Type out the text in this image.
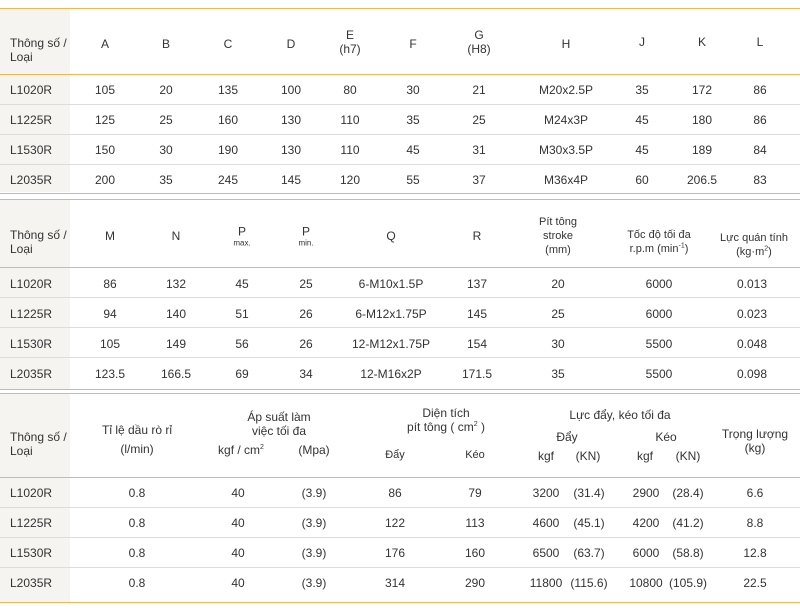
Thông số /
Loại
A	B	C	D
E
(h7)	F
G
(H8)	H	J	K	L
L1020R	105	20	135	100	80	30	21	M20x2.5P	35	172	86
L1225R	125	25	160	130	110	35	25	M24x3P	45	180	86
L1530R	150	30	190	130	110	45	31	M30x3.5P	45	189	84
L2035R	200	35	245	145	120	55	37	M36x4P	60	206.5	83
Thông số /
Loại
M	N	P
max.
P
min.	Q	R
Pít tông
stroke
(mm)
Tốc độ tối đa
r.p.m $(\min^{-1})$
Lực quán tính
$(kg\cdot m^2)$
L1020R	86	132	45	25	6-M10x1.5P	137	20	6000	0.013
L1225R	94	140	51	26	6-M12x1.75P	145	25	6000	0.023
L1530R	105	149	56	26	12-M12x1.75P	154	30	5500	0.048
L2035R	123.5	166.5	69	34	12-M16x2P	171.5	35	5500	0.098
Thông số /
Loại
Tỉ lệ dầu rò rỉ
(l/min)
Áp suất làm
việc tối đa
kgf / $cm^2$	(Mpa)
Diện tích
pít tông ( $cm^2$ )
Đẩy	Kéo
Lực đẩy, kéo tối đa
Đẩy	Kéo
kgf (KN)	kgf (KN)
Trọng lượng
(kg)
L1020R	0.8	40	(3.9)	86	79	3200 (31.4) 2900 (28.4)	6.6
L1225R	0.8	40	(3.9)	122	113	4600 (45.1) 4200 (41.2)	8.8
L1530R	0.8	40	(3.9)	176	160	6500 (63.7) 6000 (58.8)	12.8
L2035R	0.8	40	(3.9)	314	290	11800 (115.6) 10800 (105.9)	22.5
